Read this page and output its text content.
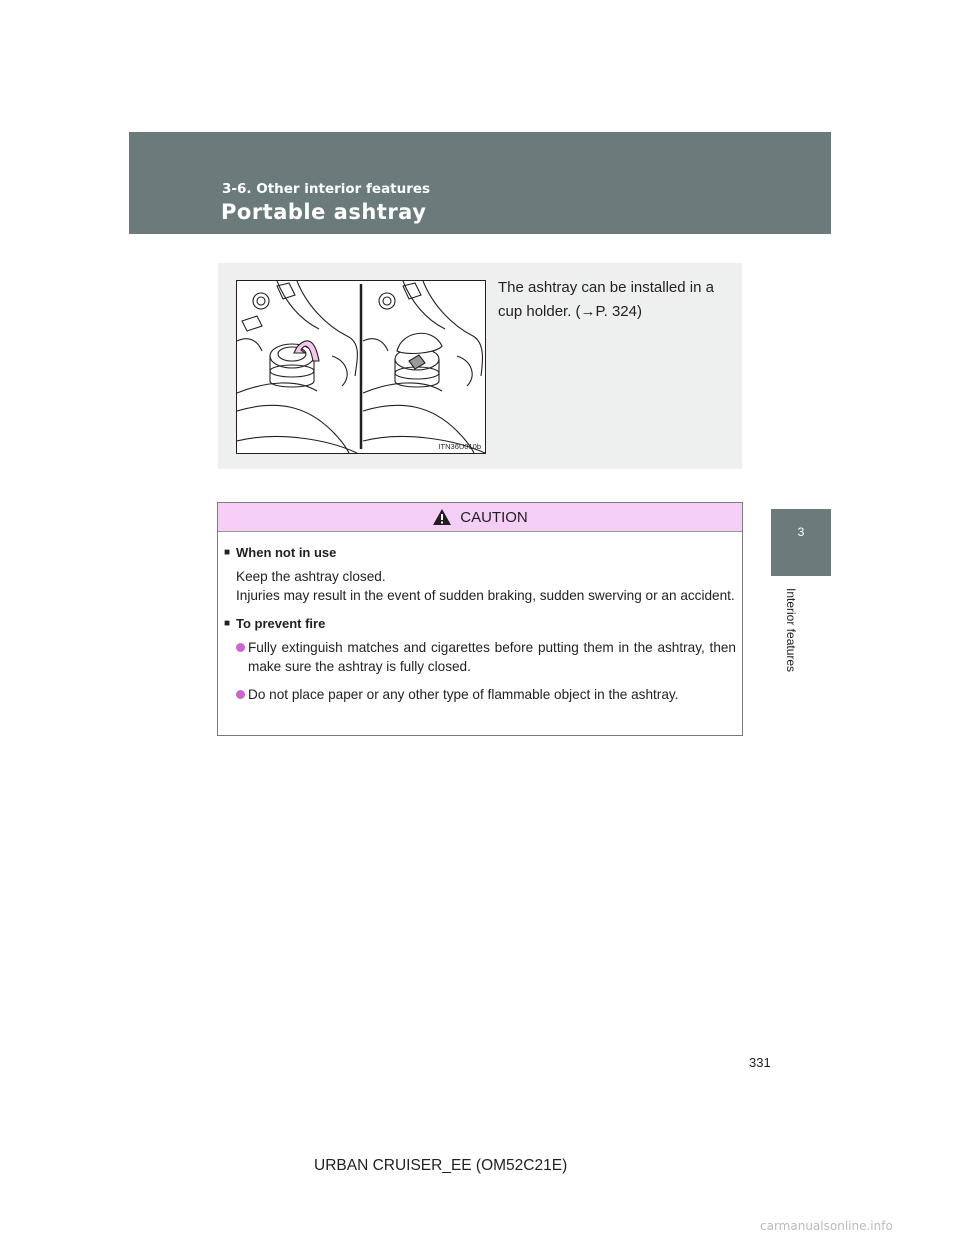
3-6. Other interior features

Portable ashtray
3
Interior features
ITN36U010b
The ashtray can be installed in a cup holder. (→P. 324)
CAUTION

■ When not in use

Keep the ashtray closed.
Injuries may result in the event of sudden braking, sudden swerving or an accident.

■ To prevent fire

Fully extinguish matches and cigarettes before putting them in the ashtray, then make sure the ashtray is fully closed.

Do not place paper or any other type of flammable object in the ashtray.

331
URBAN CRUISER_EE (OM52C21E)
carmanualsonline.info
